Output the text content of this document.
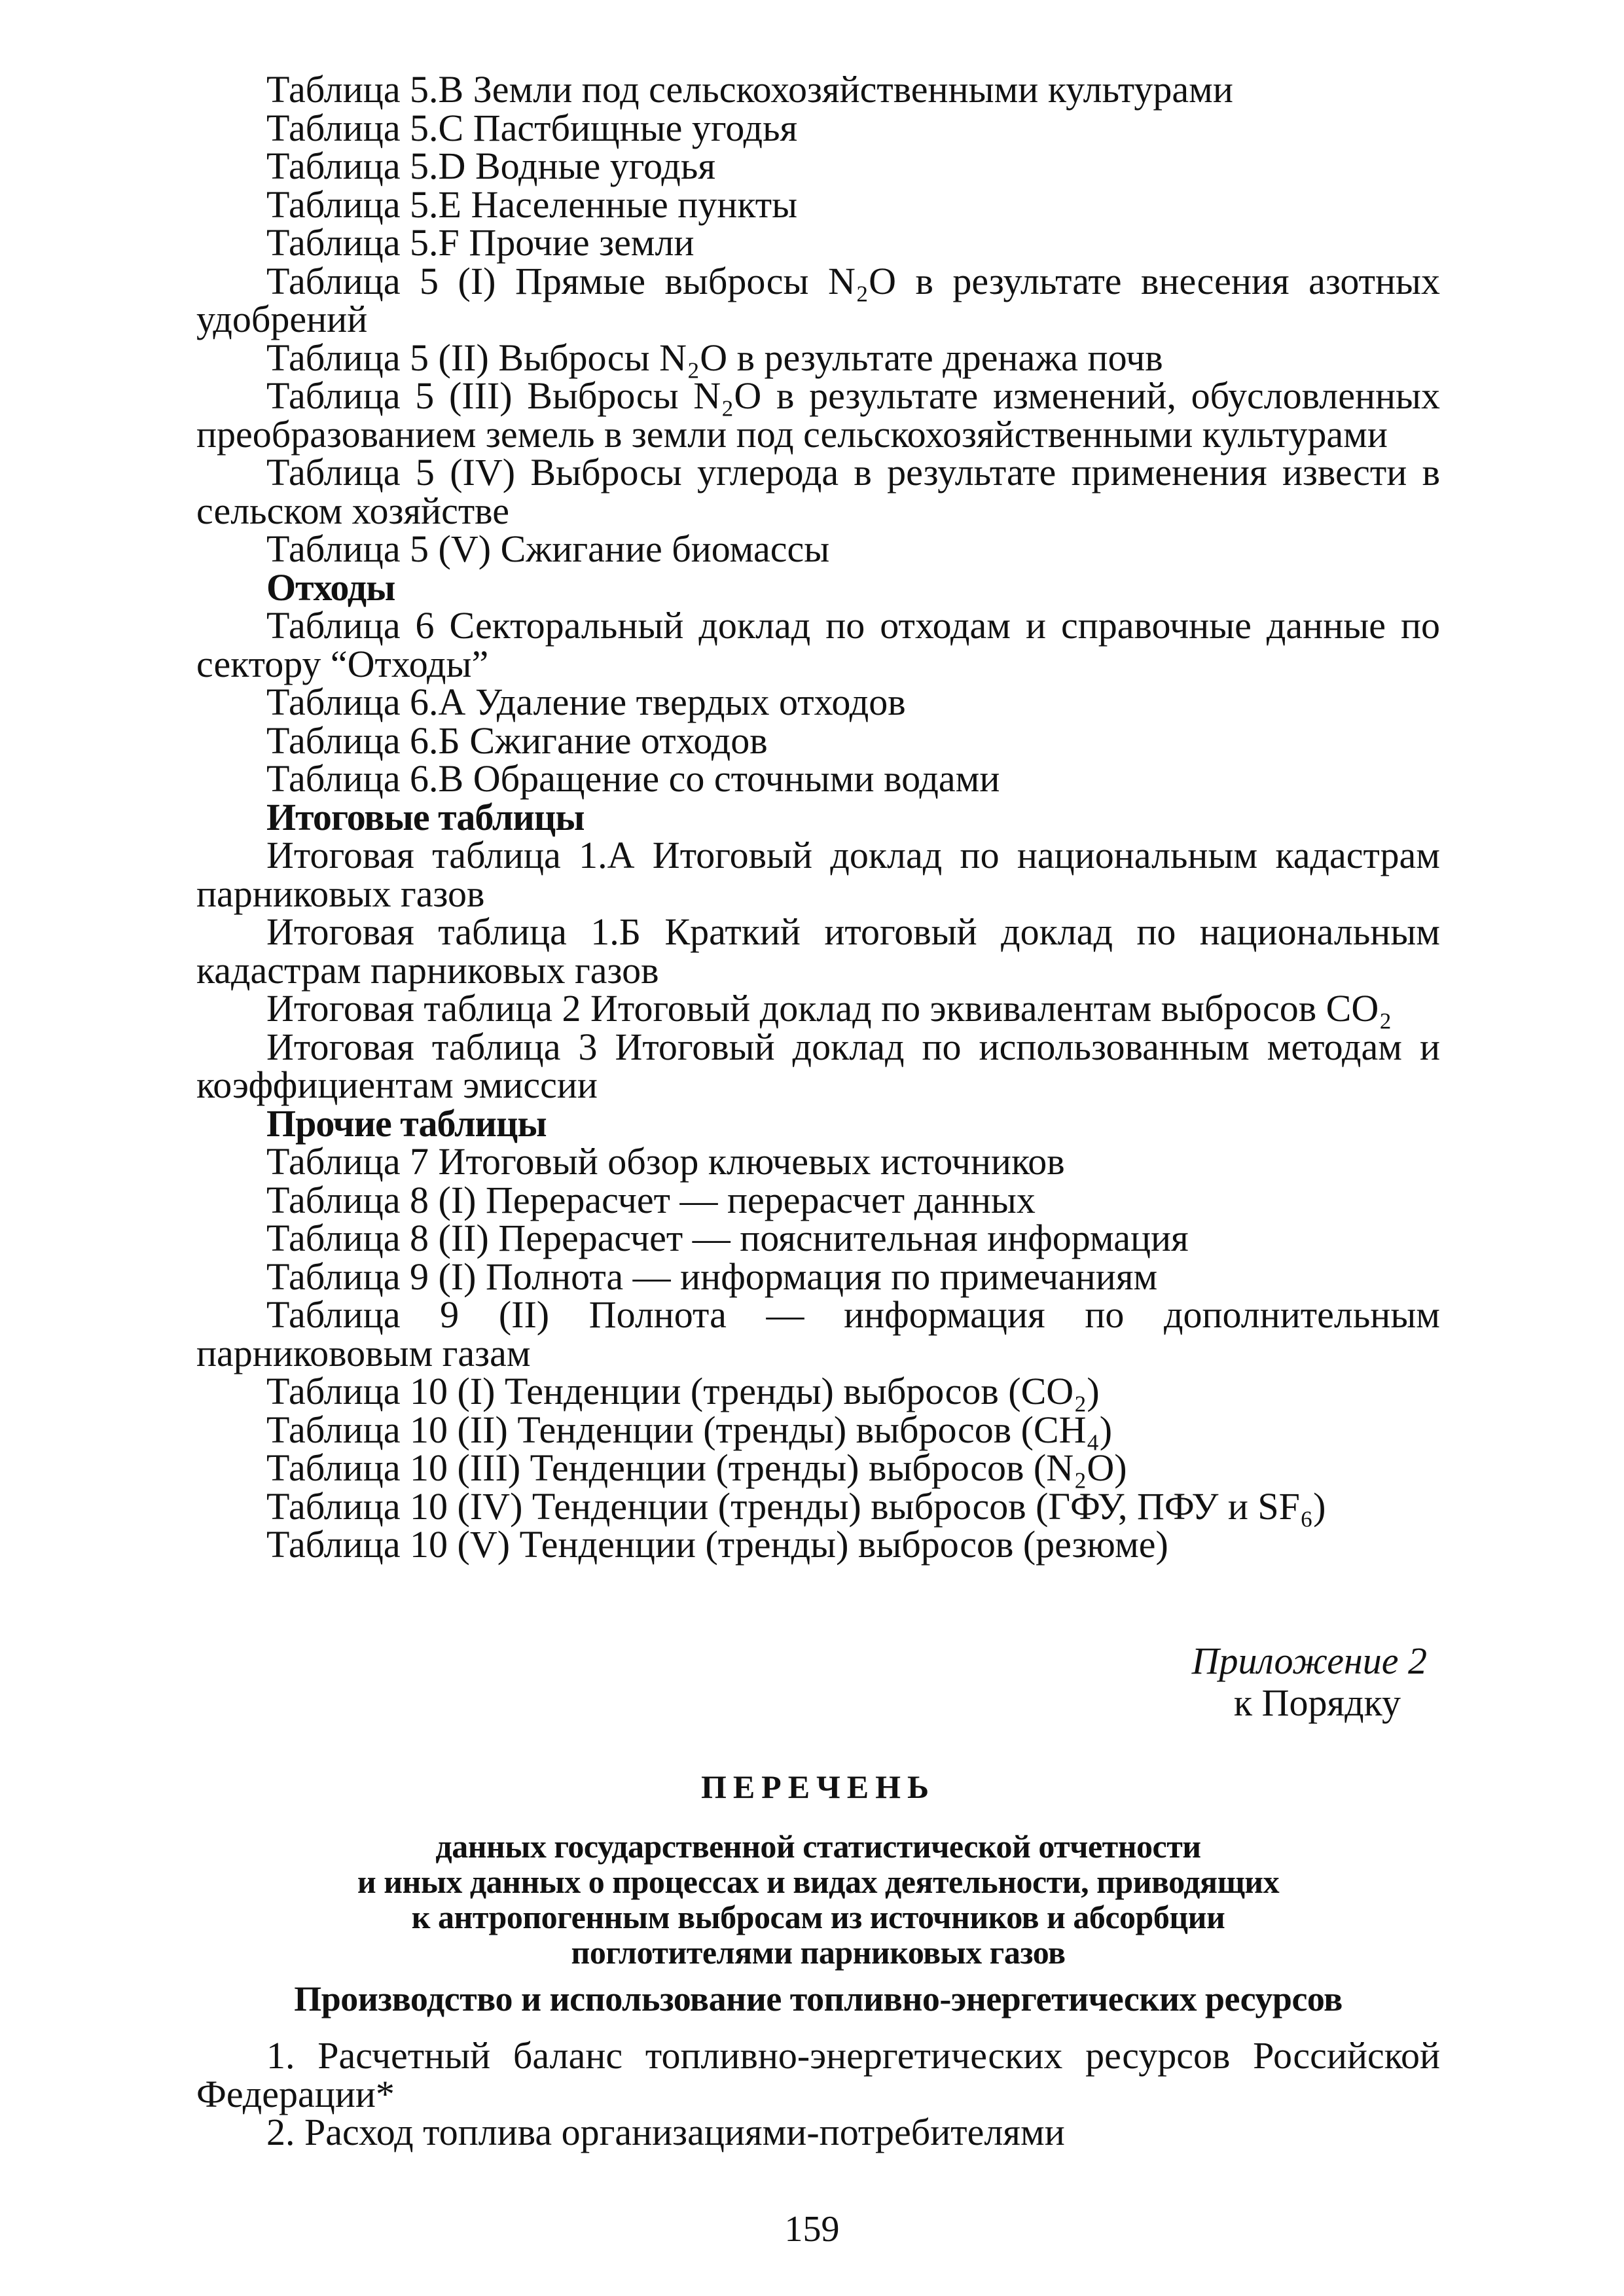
Таблица 5.В Земли под сельскохозяйственными культурами

Таблица 5.С Пастбищные угодья

Таблица 5.D Водные угодья

Таблица 5.Е Населенные пункты

Таблица 5.F Прочие земли

Таблица 5 (I) Прямые выбросы N₂O в результате внесения азотных удобрений

Таблица 5 (II) Выбросы N₂O в результате дренажа почв

Таблица 5 (III) Выбросы N₂O в результате изменений, обусловленных преобразованием земель в земли под сельскохозяйственными культурами

Таблица 5 (IV) Выбросы углерода в результате применения извести в сельском хозяйстве

Таблица 5 (V) Сжигание биомассы

Отходы

Таблица 6 Секторальный доклад по отходам и справочные данные по сектору “Отходы”

Таблица 6.А Удаление твердых отходов

Таблица 6.Б Сжигание отходов

Таблица 6.В Обращение со сточными водами

Итоговые таблицы

Итоговая таблица 1.А Итоговый доклад по национальным кадастрам парниковых газов

Итоговая таблица 1.Б Краткий итоговый доклад по национальным кадастрам парниковых газов

Итоговая таблица 2 Итоговый доклад по эквивалентам выбросов CO₂

Итоговая таблица 3 Итоговый доклад по использованным методам и коэффициентам эмиссии

Прочие таблицы

Таблица 7 Итоговый обзор ключевых источников

Таблица 8 (I) Перерасчет — перерасчет данных

Таблица 8 (II) Перерасчет — пояснительная информация

Таблица 9 (I) Полнота — информация по примечаниям

Таблица 9 (II) Полнота — информация по дополнительным парникововым газам

Таблица 10 (I) Тенденции (тренды) выбросов (CO₂)

Таблица 10 (II) Тенденции (тренды) выбросов (CH₄)

Таблица 10 (III) Тенденции (тренды) выбросов (N₂O)

Таблица 10 (IV) Тенденции (тренды) выбросов (ГФУ, ПФУ и SF₆)

Таблица 10 (V) Тенденции (тренды) выбросов (резюме)

Приложение 2
к Порядку
ПЕРЕЧЕНЬ
данных государственной статистической отчетности
и иных данных о процессах и видах деятельности, приводящих
к антропогенным выбросам из источников и абсорбции
поглотителями парниковых газов
Производство и использование топливно-энергетических ресурсов

1. Расчетный баланс топливно-энергетических ресурсов Российской Федерации*

2. Расход топлива организациями-потребителями

159
